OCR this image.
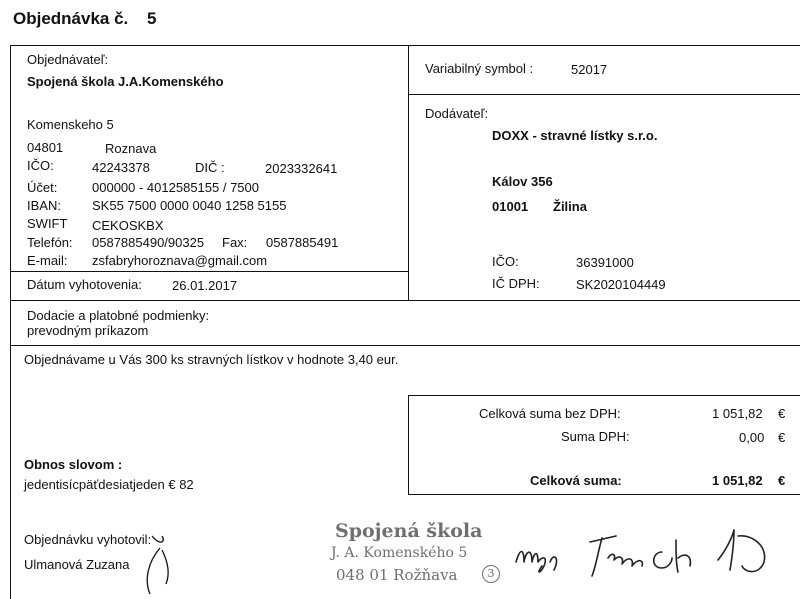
Objednávka č. 5
Objednávateľ:
Spojená škola J.A.Komenského
Komenskeho 5
04801	Roznava
IČO:	42243378	DIČ :	2023332641
Účet:	000000 - 4012585155 / 7500
IBAN: SK55 7500 0000 0040 1258 5155
SWIFT CEKOSKBX
Telefón: 0587885490/90325 Fax: 0587885491
E-mail: zsfabryhoroznava@gmail.com
Variabilný symbol :	52017
Dodávateľ:
DOXX - stravné lístky s.r.o.
Kálov 356
01001 Žilina
IČO:	36391000
IČ DPH:	SK2020104449
Dátum vyhotovenia: 26.01.2017
Dodacie a platobné podmienky:
prevodným príkazom
Objednávame u Vás 300 ks stravných lístkov v hodnote 3,40 eur.
Celková suma bez DPH:	1 051,82 €
Suma DPH:	0,00 €
Celková suma:	1 051,82 €
Obnos slovom :
jedentisícpäťdesiatjeden € 82
Objednávku vyhotovil:
Ulmanová Zuzana
Spojená škola
J. A. Komenského 5
048 01 Rožňava	3
